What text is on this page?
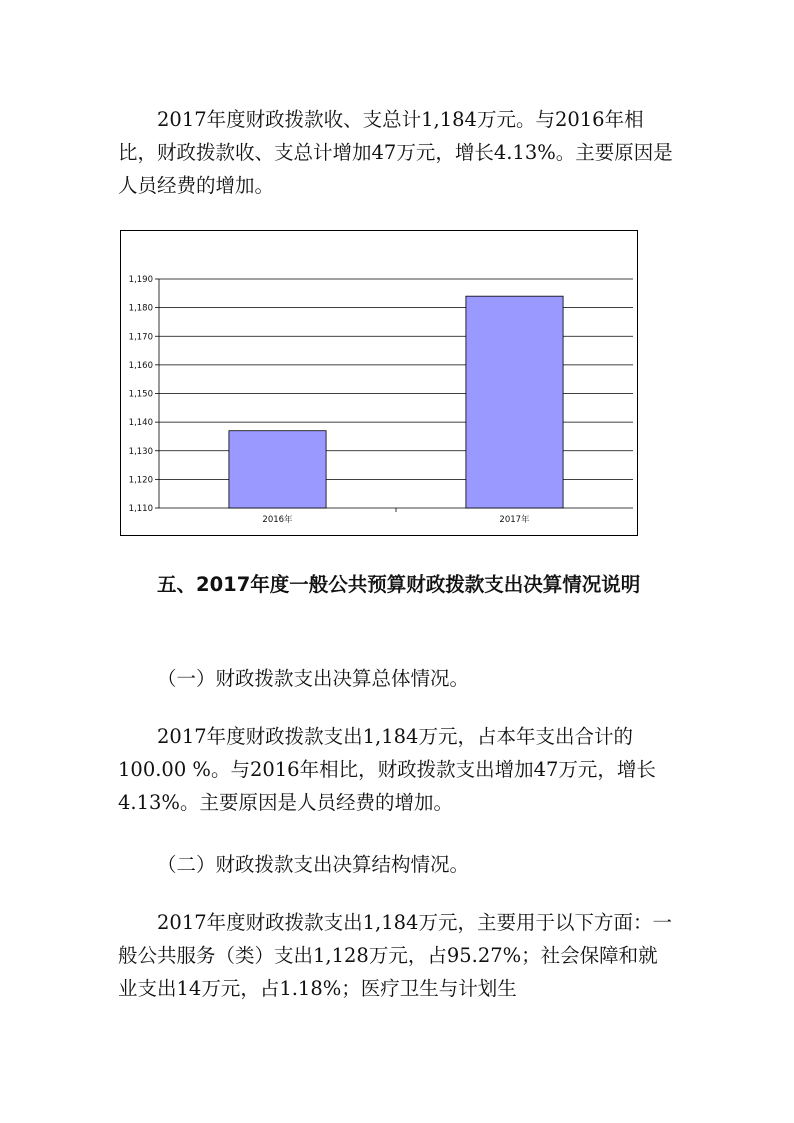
2017年度财政拨款收、支总计1,184万元。与2016年相比，财政拨款收、支总计增加47万元，增长4.13%。主要原因是人员经费的增加。

1,110
1,120
1,130
1,140
1,150
1,160
1,170
1,180
1,190
2016年	2017年

五、2017年度一般公共预算财政拨款支出决算情况说明

（一）财政拨款支出决算总体情况。

2017年度财政拨款支出1,184万元，占本年支出合计的100.00 %。与2016年相比，财政拨款支出增加47万元，增长4.13%。主要原因是人员经费的增加。

（二）财政拨款支出决算结构情况。

2017年度财政拨款支出1,184万元，主要用于以下方面：一般公共服务（类）支出1,128万元，占95.27%；社会保障和就业支出14万元，占1.18%；医疗卫生与计划生
